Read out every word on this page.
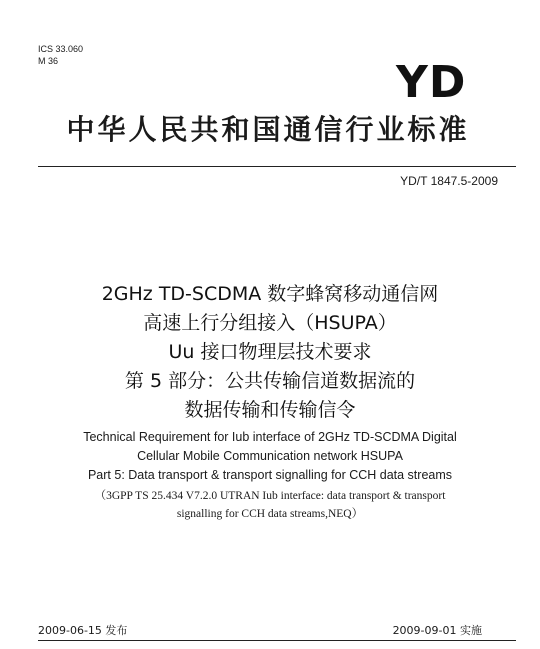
ICS 33.060
M 36	YD
中华人民共和国通信行业标准
YD/T 1847.5-2009
2GHz TD-SCDMA 数字蜂窝移动通信网
高速上行分组接入（HSUPA）
Uu 接口物理层技术要求
第 5 部分：公共传输信道数据流的
数据传输和传输信令
Technical Requirement for Iub interface of 2GHz TD-SCDMA Digital
Cellular Mobile Communication network HSUPA
Part 5: Data transport & transport signalling for CCH data streams
（3GPP TS 25.434 V7.2.0 UTRAN Iub interface: data transport & transport
signalling for CCH data streams,NEQ）
2009-06-15 发布	2009-09-01 实施
